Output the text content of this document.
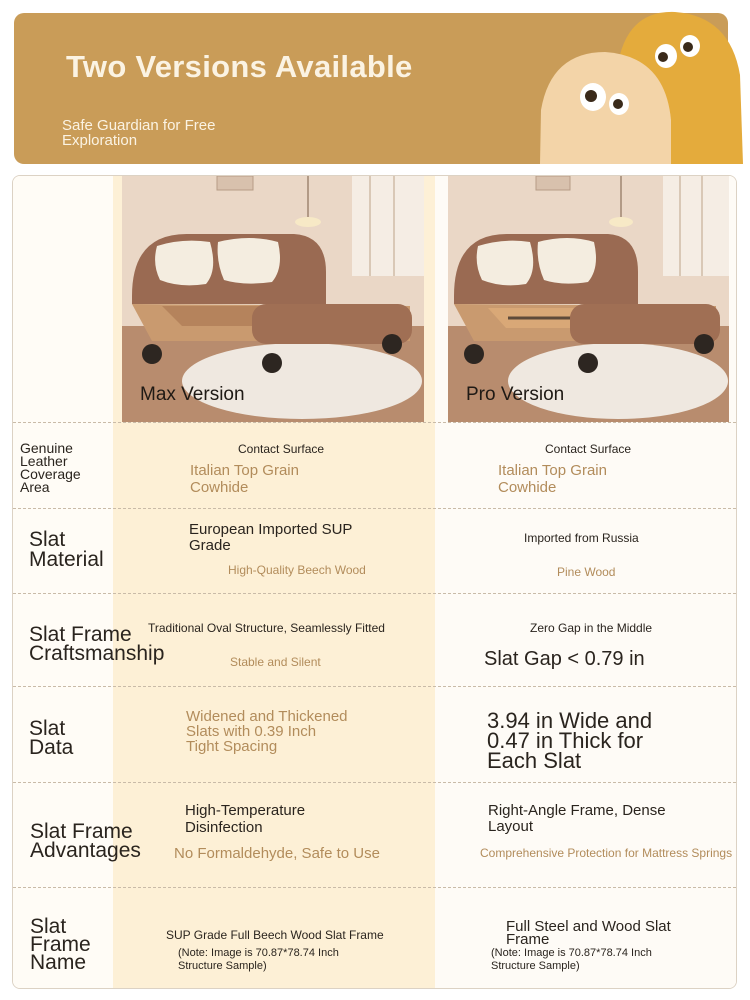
Two Versions Available
Safe Guardian for Free Exploration
Max Version	Pro Version
Genuine Leather Coverage Area
Contact Surface
Italian Top Grain Cowhide
Contact Surface
Italian Top Grain Cowhide
Slat Material
European Imported SUP Grade
High-Quality Beech Wood
Imported from Russia
Pine Wood
Slat Frame Craftsmanship
Traditional Oval Structure, Seamlessly Fitted
Stable and Silent
Zero Gap in the Middle
Slat Gap < 0.79 in
Slat Data
Widened and Thickened Slats with 0.39 Inch Tight Spacing
3.94 in Wide and 0.47 in Thick for Each Slat
Slat Frame Advantages
High-Temperature Disinfection
No Formaldehyde, Safe to Use
Right-Angle Frame, Dense Layout
Comprehensive Protection for Mattress Springs
Slat Frame Name
SUP Grade Full Beech Wood Slat Frame
(Note: Image is 70.87*78.74 Inch Structure Sample)
Full Steel and Wood Slat Frame
(Note: Image is 70.87*78.74 Inch Structure Sample)
